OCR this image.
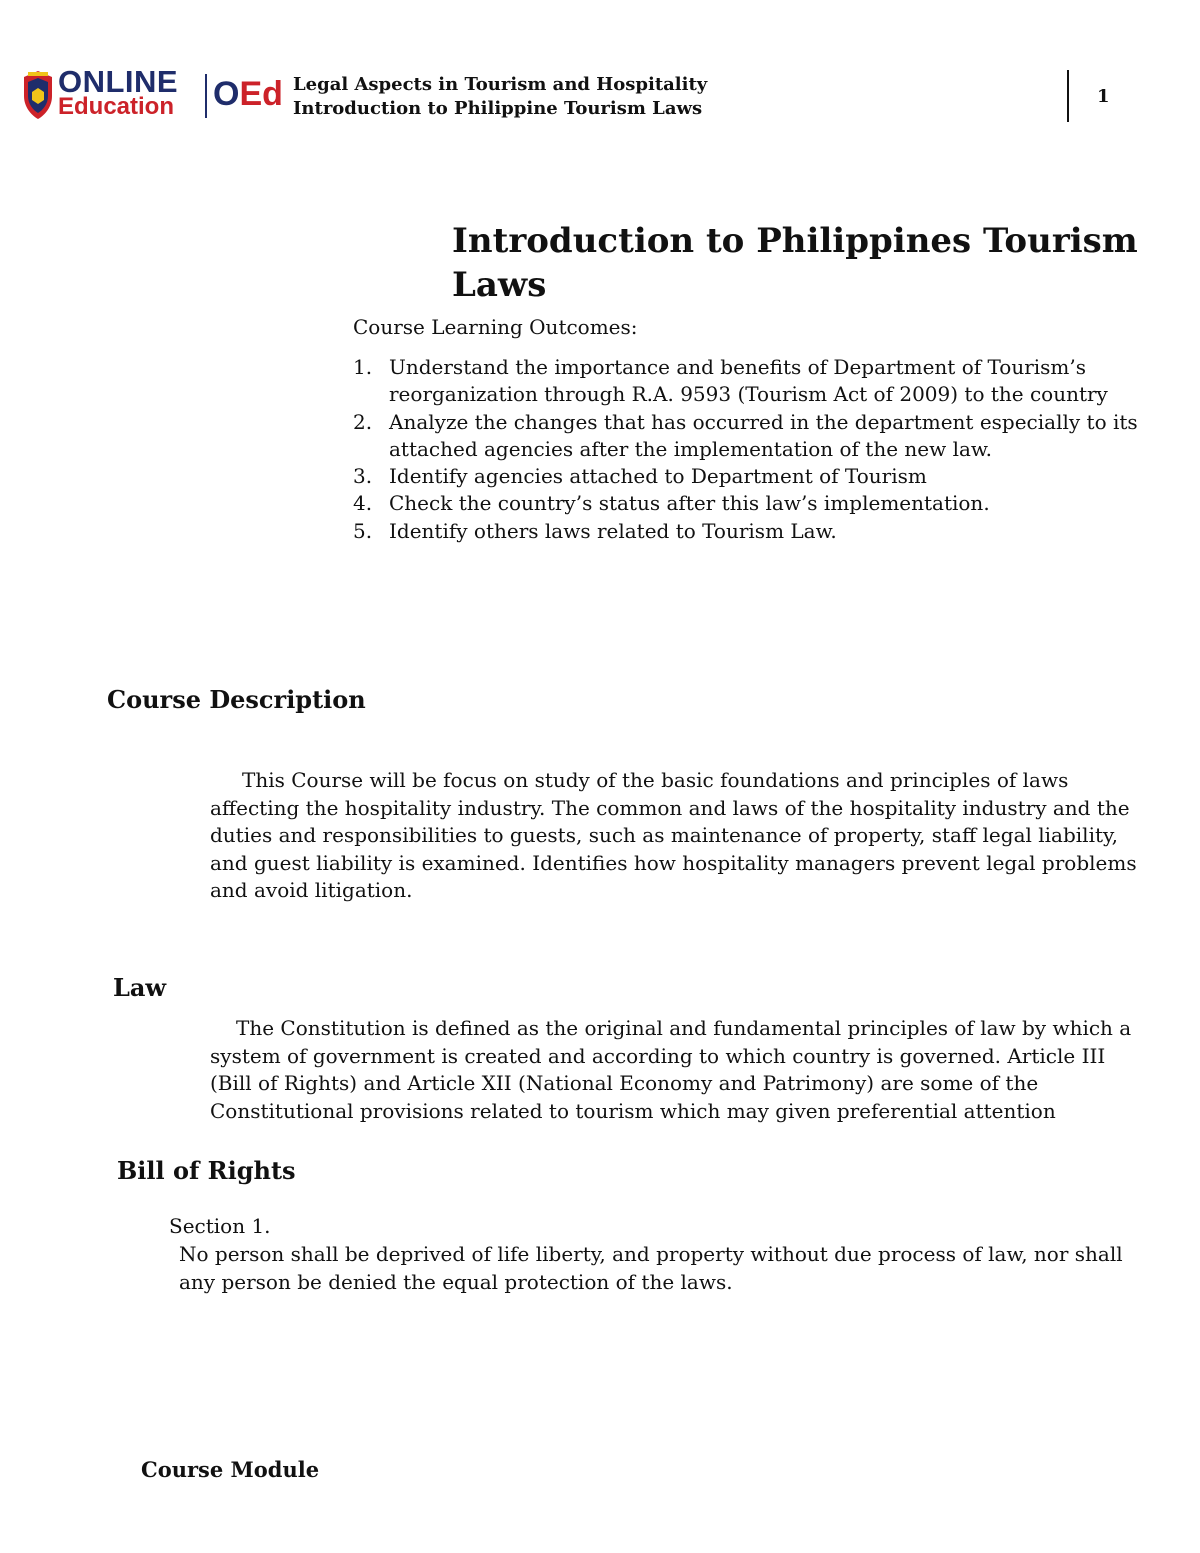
ONLINE
Education OEd Legal Aspects in Tourism and Hospitality
Introduction to Philippine Tourism Laws
1
Introduction to Philippines Tourism Laws
Course Learning Outcomes:
1. Understand the importance and benefits of Department of Tourism’s reorganization through R.A. 9593 (Tourism Act of 2009) to the country
2. Analyze the changes that has occurred in the department especially to its attached agencies after the implementation of the new law.
3. Identify agencies attached to Department of Tourism
4. Check the country’s status after this law’s implementation.
5. Identify others laws related to Tourism Law.
Course Description
This Course will be focus on study of the basic foundations and principles of laws affecting the hospitality industry. The common and laws of the hospitality industry and the duties and responsibilities to guests, such as maintenance of property, staff legal liability, and guest liability is examined. Identifies how hospitality managers prevent legal problems and avoid litigation.
Law
The Constitution is defined as the original and fundamental principles of law by which a system of government is created and according to which country is governed. Article III (Bill of Rights) and Article XII (National Economy and Patrimony) are some of the Constitutional provisions related to tourism which may given preferential attention
Bill of Rights
Section 1.
No person shall be deprived of life liberty, and property without due process of law, nor shall any person be denied the equal protection of the laws.
Course Module
